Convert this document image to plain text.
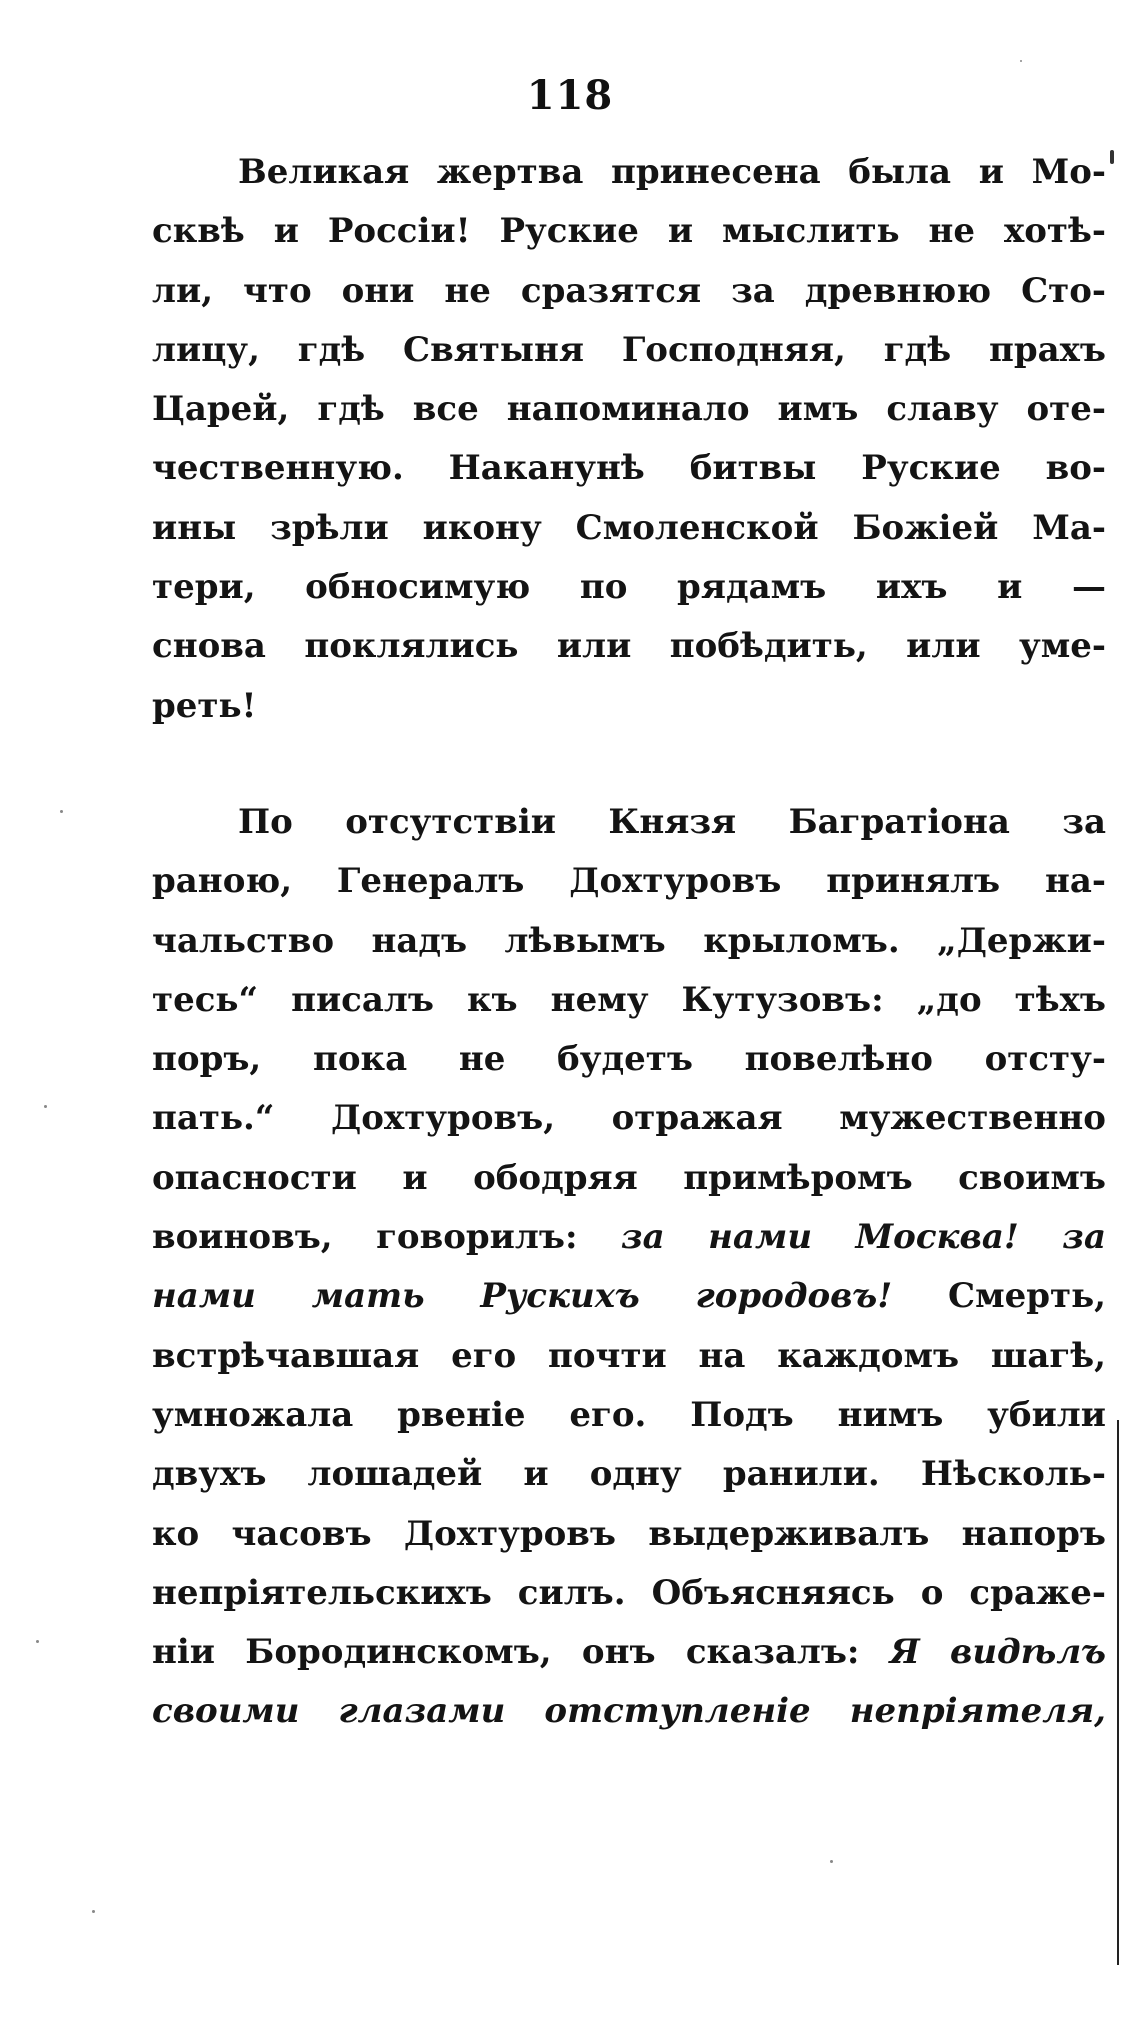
118
Великая жертва принесена была и Мо-
сквѣ и Россіи! Руские и мыслить не хотѣ-
ли, что они не сразятся за древнюю Сто-
лицу, гдѣ Святыня Господняя, гдѣ прахъ
Царей, гдѣ все напоминало имъ славу оте-
чественную. Наканунѣ битвы Руские во-
ины зрѣли икону Смоленской Божіей Ма-
тери, обносимую по рядамъ ихъ и —
снова поклялись или побѣдить, или уме-
реть!
По отсутствіи Князя Багратіона за
раною, Генералъ Дохтуровъ принялъ на-
чальство надъ лѣвымъ крыломъ. „Держи-
тесь“ писалъ къ нему Кутузовъ: „до тѣхъ
поръ, пока не будетъ повелѣно отсту-
пать.“ Дохтуровъ, отражая мужественно
опасности и ободряя примѣромъ своимъ
воиновъ, говорилъ: за нами Москва! за
нами мать Рускихъ городовъ! Смерть,
встрѣчавшая его почти на каждомъ шагѣ,
умножала рвеніе его. Подъ нимъ убили
двухъ лошадей и одну ранили. Нѣсколь-
ко часовъ Дохтуровъ выдерживалъ напоръ
непріятельскихъ силъ. Объясняясь о сраже-
ніи Бородинскомъ, онъ сказалъ: Я видѣлъ
своими глазами отступленіе непріятеля,
